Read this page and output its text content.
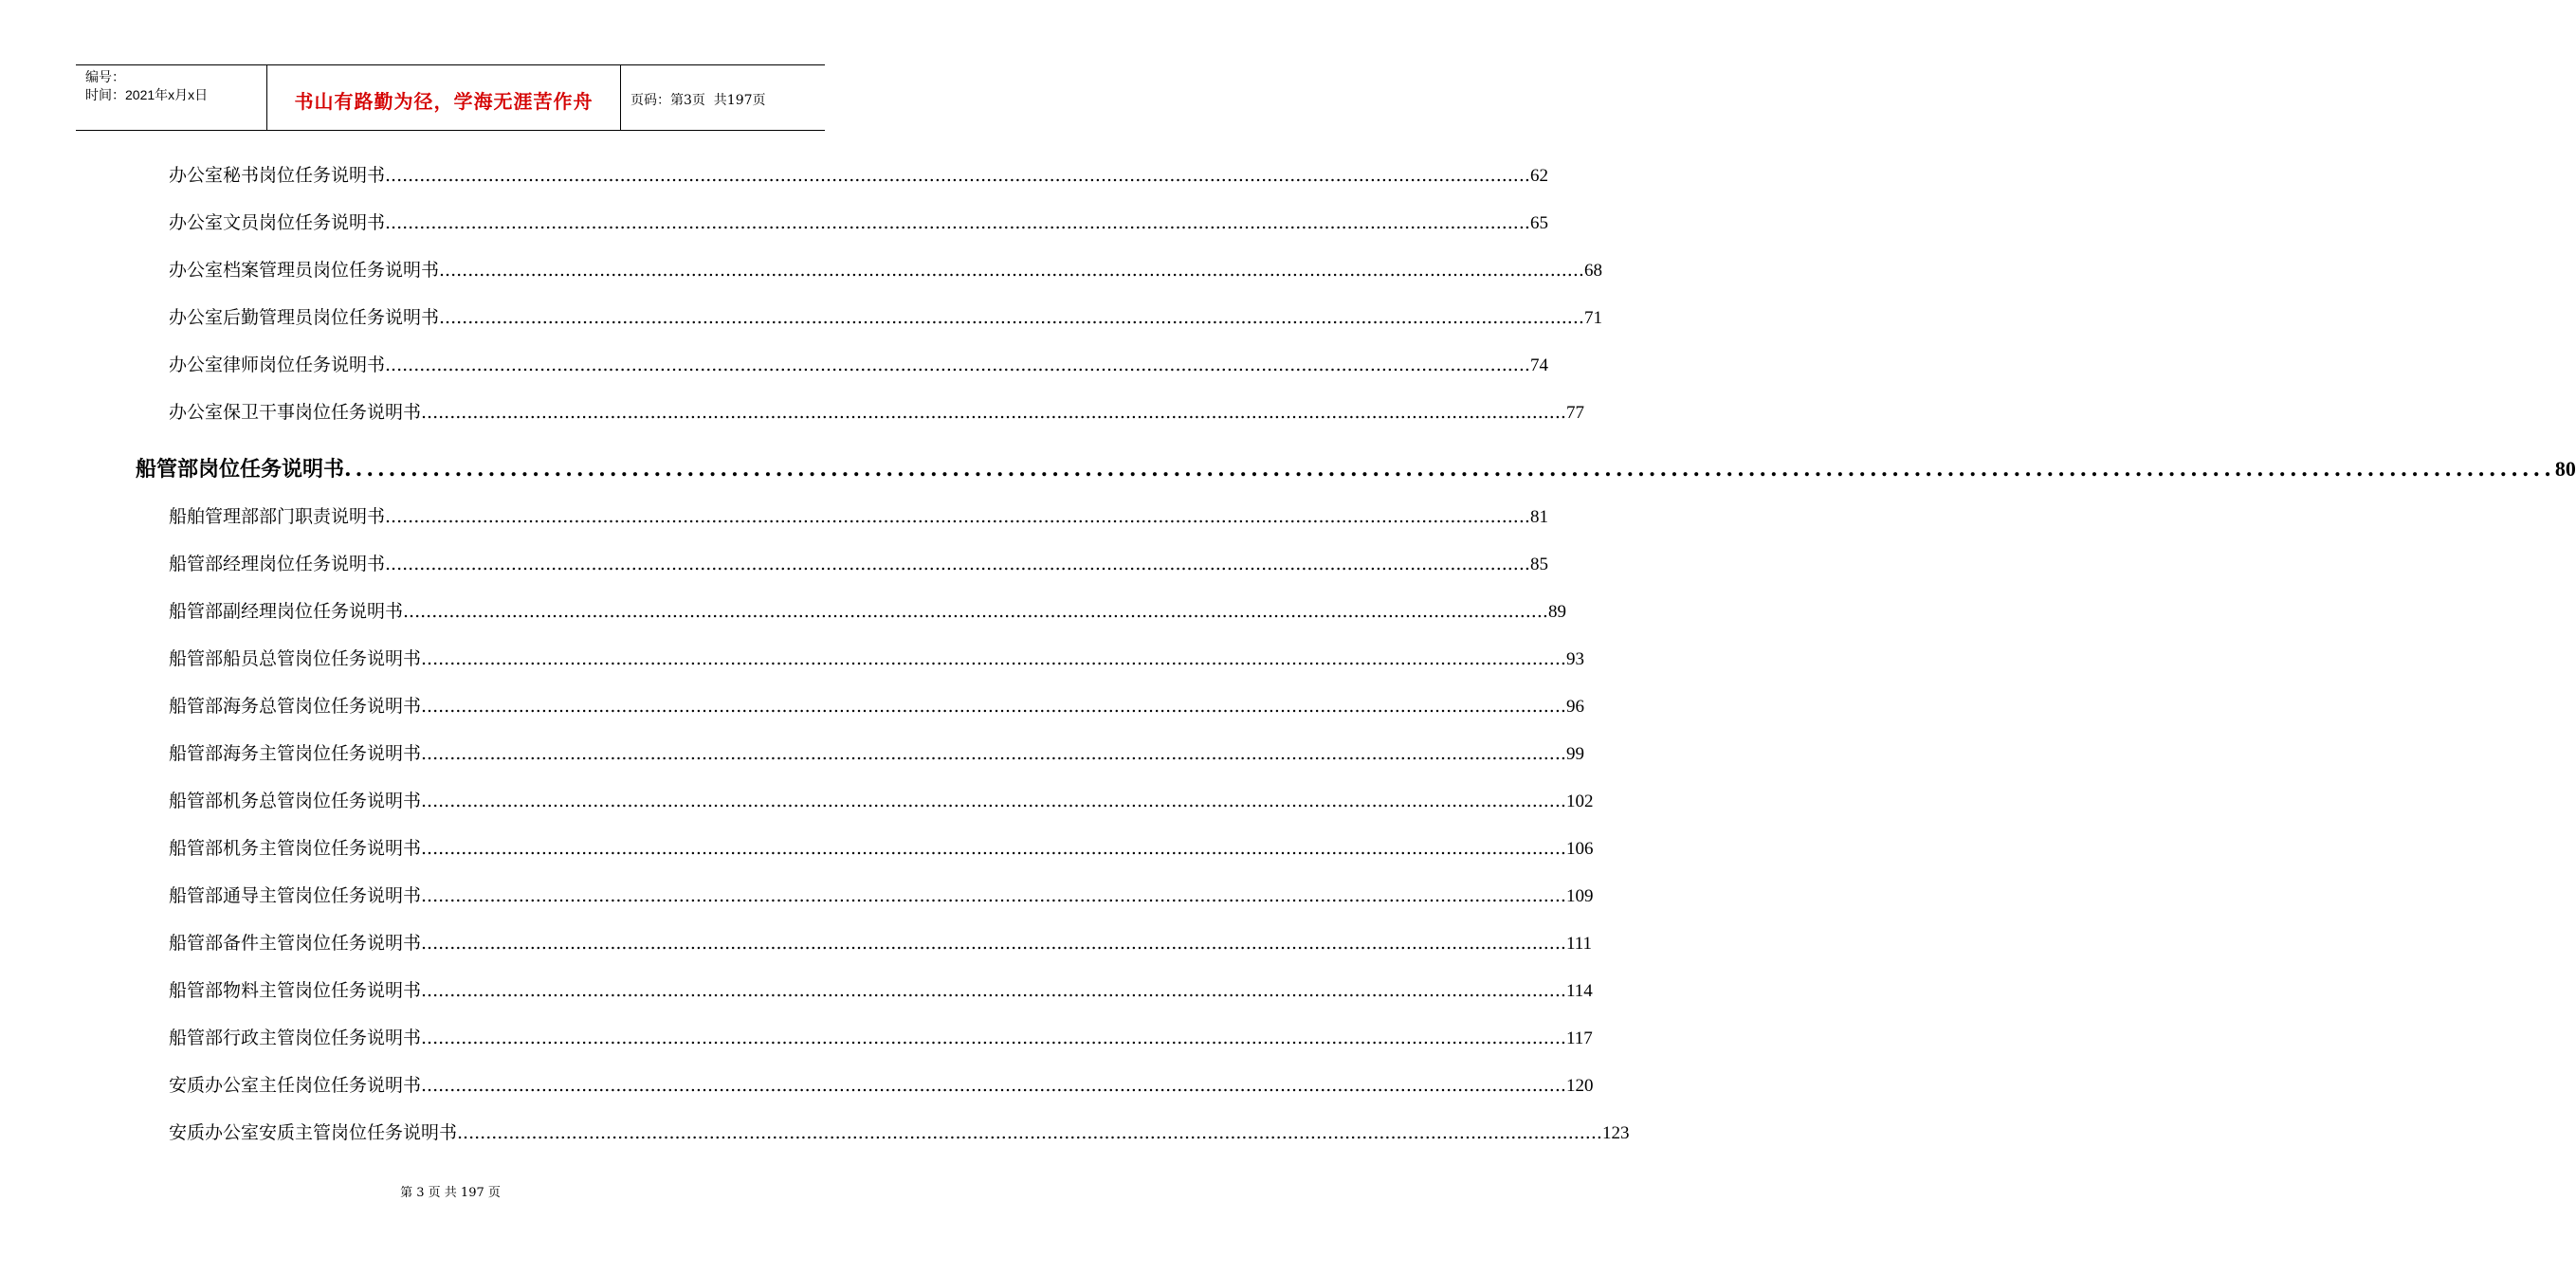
编号：
时间：2021年x月x日	书山有路勤为径，学海无涯苦作舟	页码：第3页  共197页
办公室秘书岗位任务说明书 ........................................................................................................................................................................................................ 62
办公室文员岗位任务说明书 ........................................................................................................................................................................................................ 65
办公室档案管理员岗位任务说明书 ........................................................................................................................................................................................................ 68
办公室后勤管理员岗位任务说明书 ........................................................................................................................................................................................................ 71
办公室律师岗位任务说明书 ........................................................................................................................................................................................................ 74
办公室保卫干事岗位任务说明书 ........................................................................................................................................................................................................ 77
船管部岗位任务说明书 ........................................................................................................................................................................................................ 80
船舶管理部部门职责说明书 ........................................................................................................................................................................................................ 81
船管部经理岗位任务说明书 ........................................................................................................................................................................................................ 85
船管部副经理岗位任务说明书 ........................................................................................................................................................................................................ 89
船管部船员总管岗位任务说明书 ........................................................................................................................................................................................................ 93
船管部海务总管岗位任务说明书 ........................................................................................................................................................................................................ 96
船管部海务主管岗位任务说明书 ........................................................................................................................................................................................................ 99
船管部机务总管岗位任务说明书 ........................................................................................................................................................................................................ 102
船管部机务主管岗位任务说明书 ........................................................................................................................................................................................................ 106
船管部通导主管岗位任务说明书 ........................................................................................................................................................................................................ 109
船管部备件主管岗位任务说明书 ........................................................................................................................................................................................................ 111
船管部物料主管岗位任务说明书 ........................................................................................................................................................................................................ 114
船管部行政主管岗位任务说明书 ........................................................................................................................................................................................................ 117
安质办公室主任岗位任务说明书 ........................................................................................................................................................................................................ 120
安质办公室安质主管岗位任务说明书 ........................................................................................................................................................................................................ 123
第 3 页 共 197 页
